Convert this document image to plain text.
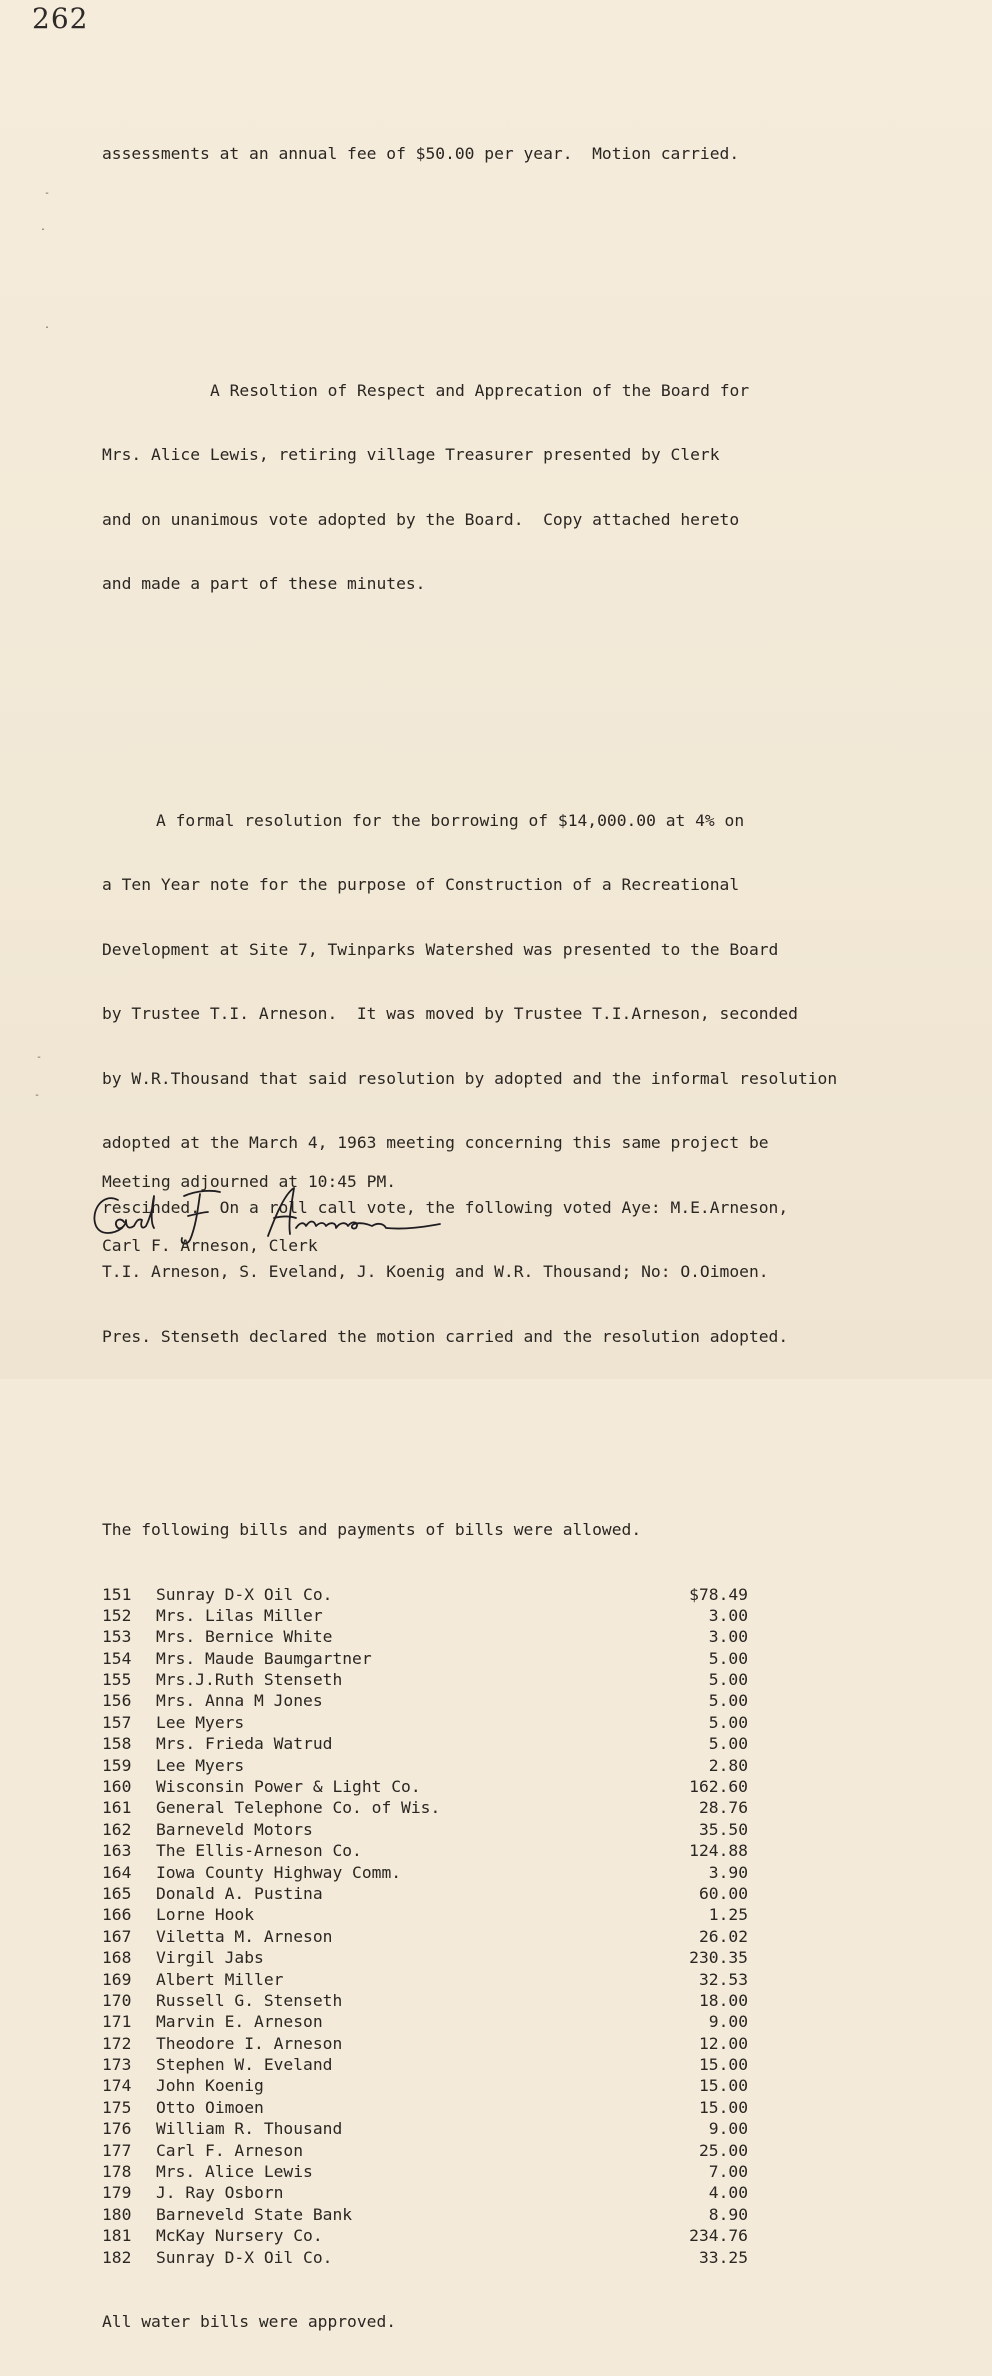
262

assessments at an annual fee of $50.00 per year.  Motion carried.

A Resoltion of Respect and Apprecation of the Board for

Mrs. Alice Lewis, retiring village Treasurer presented by Clerk

and on unanimous vote adopted by the Board.  Copy attached hereto

and made a part of these minutes.

A formal resolution for the borrowing of $14,000.00 at 4% on

a Ten Year note for the purpose of Construction of a Recreational

Development at Site 7, Twinparks Watershed was presented to the Board

by Trustee T.I. Arneson.  It was moved by Trustee T.I.Arneson, seconded

by W.R.Thousand that said resolution by adopted and the informal resolution

adopted at the March 4, 1963 meeting concerning this same project be

rescinded.  On a roll call vote, the following voted Aye: M.E.Arneson,

T.I. Arneson, S. Eveland, J. Koenig and W.R. Thousand; No: O.Oimoen.

Pres. Stenseth declared the motion carried and the resolution adopted.

The following bills and payments of bills were allowed.

151 Sunray D-X Oil Co.	$78.49
152 Mrs. Lilas Miller	3.00
153 Mrs. Bernice White	3.00
154 Mrs. Maude Baumgartner	5.00
155 Mrs.J.Ruth Stenseth	5.00
156 Mrs. Anna M Jones	5.00
157 Lee Myers	5.00
158 Mrs. Frieda Watrud	5.00
159 Lee Myers	2.80
160 Wisconsin Power & Light Co.	162.60
161 General Telephone Co. of Wis.	28.76
162 Barneveld Motors	35.50
163 The Ellis-Arneson Co.	124.88
164 Iowa County Highway Comm.	3.90
165 Donald A. Pustina	60.00
166 Lorne Hook	1.25
167 Viletta M. Arneson	26.02
168 Virgil Jabs	230.35
169 Albert Miller	32.53
170 Russell G. Stenseth	18.00
171 Marvin E. Arneson	9.00
172 Theodore I. Arneson	12.00
173 Stephen W. Eveland	15.00
174 John Koenig	15.00
175 Otto Oimoen	15.00
176 William R. Thousand	9.00
177 Carl F. Arneson	25.00
178 Mrs. Alice Lewis	7.00
179 J. Ray Osborn	4.00
180 Barneveld State Bank	8.90
181 McKay Nursery Co.	234.76
182 Sunray D-X Oil Co.	33.25

All water bills were approved.

Meeting adjourned at 10:45 PM.
Carl F. Arneson
Carl F. Arneson, Clerk
-
.
.
-
-
